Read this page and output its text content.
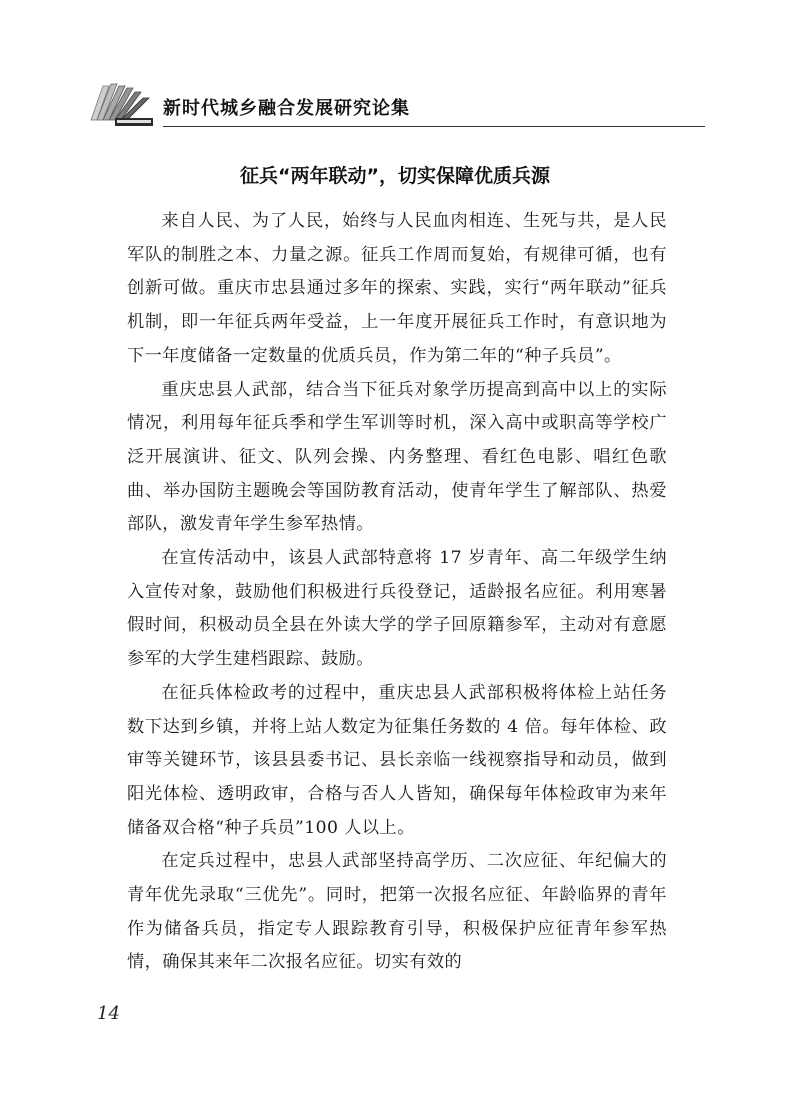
新时代城乡融合发展研究论集
征兵“两年联动”，切实保障优质兵源

来自人民、为了人民，始终与人民血肉相连、生死与共，是人民军队的制胜之本、力量之源。征兵工作周而复始，有规律可循，也有创新可做。重庆市忠县通过多年的探索、实践，实行“两年联动”征兵机制，即一年征兵两年受益，上一年度开展征兵工作时，有意识地为下一年度储备一定数量的优质兵员，作为第二年的“种子兵员”。

重庆忠县人武部，结合当下征兵对象学历提高到高中以上的实际情况，利用每年征兵季和学生军训等时机，深入高中或职高等学校广泛开展演讲、征文、队列会操、内务整理、看红色电影、唱红色歌曲、举办国防主题晚会等国防教育活动，使青年学生了解部队、热爱部队，激发青年学生参军热情。

在宣传活动中，该县人武部特意将 17 岁青年、高二年级学生纳入宣传对象，鼓励他们积极进行兵役登记，适龄报名应征。利用寒暑假时间，积极动员全县在外读大学的学子回原籍参军，主动对有意愿参军的大学生建档跟踪、鼓励。

在征兵体检政考的过程中，重庆忠县人武部积极将体检上站任务数下达到乡镇，并将上站人数定为征集任务数的 4 倍。每年体检、政审等关键环节，该县县委书记、县长亲临一线视察指导和动员，做到阳光体检、透明政审，合格与否人人皆知，确保每年体检政审为来年储备双合格“种子兵员”100 人以上。

在定兵过程中，忠县人武部坚持高学历、二次应征、年纪偏大的青年优先录取“三优先”。同时，把第一次报名应征、年龄临界的青年作为储备兵员，指定专人跟踪教育引导，积极保护应征青年参军热情，确保其来年二次报名应征。切实有效的

14
